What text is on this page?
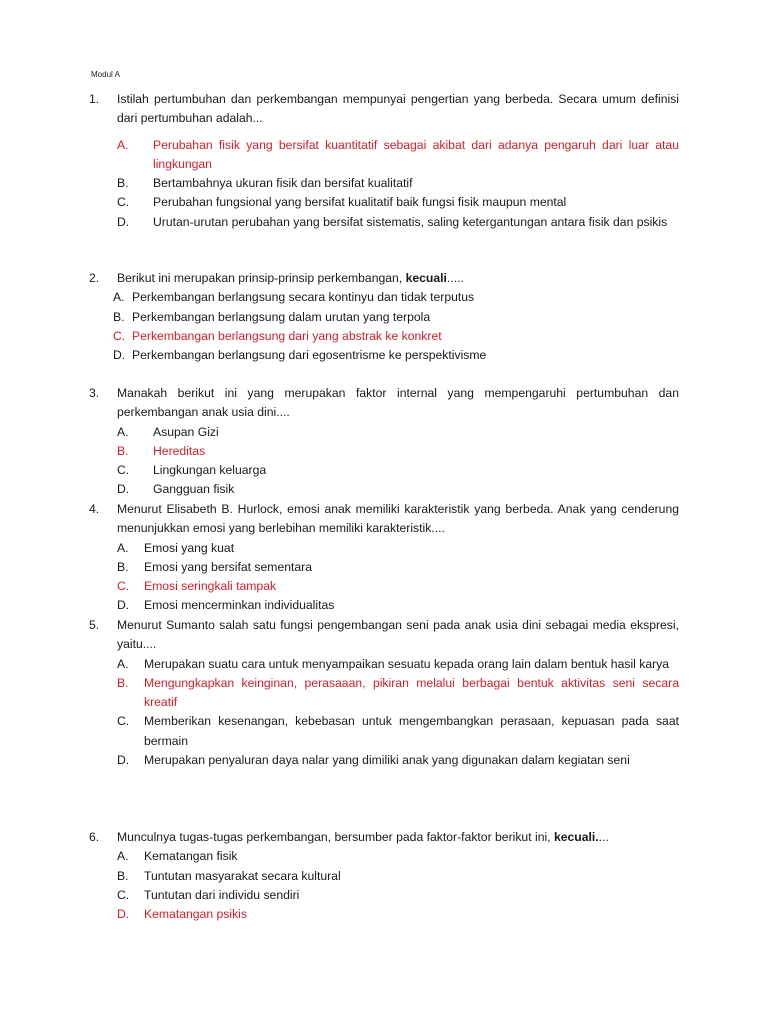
Modul A
1.	Istilah pertumbuhan dan perkembangan mempunyai pengertian yang berbeda. Secara umum definisi dari pertumbuhan adalah...
A. Perubahan fisik yang bersifat kuantitatif sebagai akibat dari adanya pengaruh dari luar atau lingkungan
B. Bertambahnya ukuran fisik dan bersifat kualitatif
C. Perubahan fungsional yang bersifat kualitatif baik fungsi fisik maupun mental
D. Urutan-urutan perubahan yang bersifat sistematis, saling ketergantungan antara fisik dan psikis
2.	Berikut ini merupakan prinsip-prinsip perkembangan, kecuali.....
A. Perkembangan berlangsung secara kontinyu dan tidak terputus
B. Perkembangan berlangsung dalam urutan yang terpola
C. Perkembangan berlangsung dari yang abstrak ke konkret
D. Perkembangan berlangsung dari egosentrisme ke perspektivisme
3.	Manakah berikut ini yang merupakan faktor internal yang mempengaruhi pertumbuhan dan perkembangan anak usia dini....
A. Asupan Gizi
B. Hereditas
C. Lingkungan keluarga
D. Gangguan fisik
4.	Menurut Elisabeth B. Hurlock, emosi anak memiliki karakteristik yang berbeda. Anak yang cenderung menunjukkan emosi yang berlebihan memiliki karakteristik....
A. Emosi yang kuat
B. Emosi yang bersifat sementara
C. Emosi seringkali tampak
D. Emosi mencerminkan individualitas
5.	Menurut Sumanto salah satu fungsi pengembangan seni pada anak usia dini sebagai media ekspresi, yaitu....
A. Merupakan suatu cara untuk menyampaikan sesuatu kepada orang lain dalam bentuk hasil karya
B. Mengungkapkan keinginan, perasaaan, pikiran melalui berbagai bentuk aktivitas seni secara kreatif
C. Memberikan kesenangan, kebebasan untuk mengembangkan perasaan, kepuasan pada saat bermain
D. Merupakan penyaluran daya nalar yang dimiliki anak yang digunakan dalam kegiatan seni
6.	Munculnya tugas-tugas perkembangan, bersumber pada faktor-faktor berikut ini, kecuali....
A. Kematangan fisik
B. Tuntutan masyarakat secara kultural
C. Tuntutan dari individu sendiri
D. Kematangan psikis
